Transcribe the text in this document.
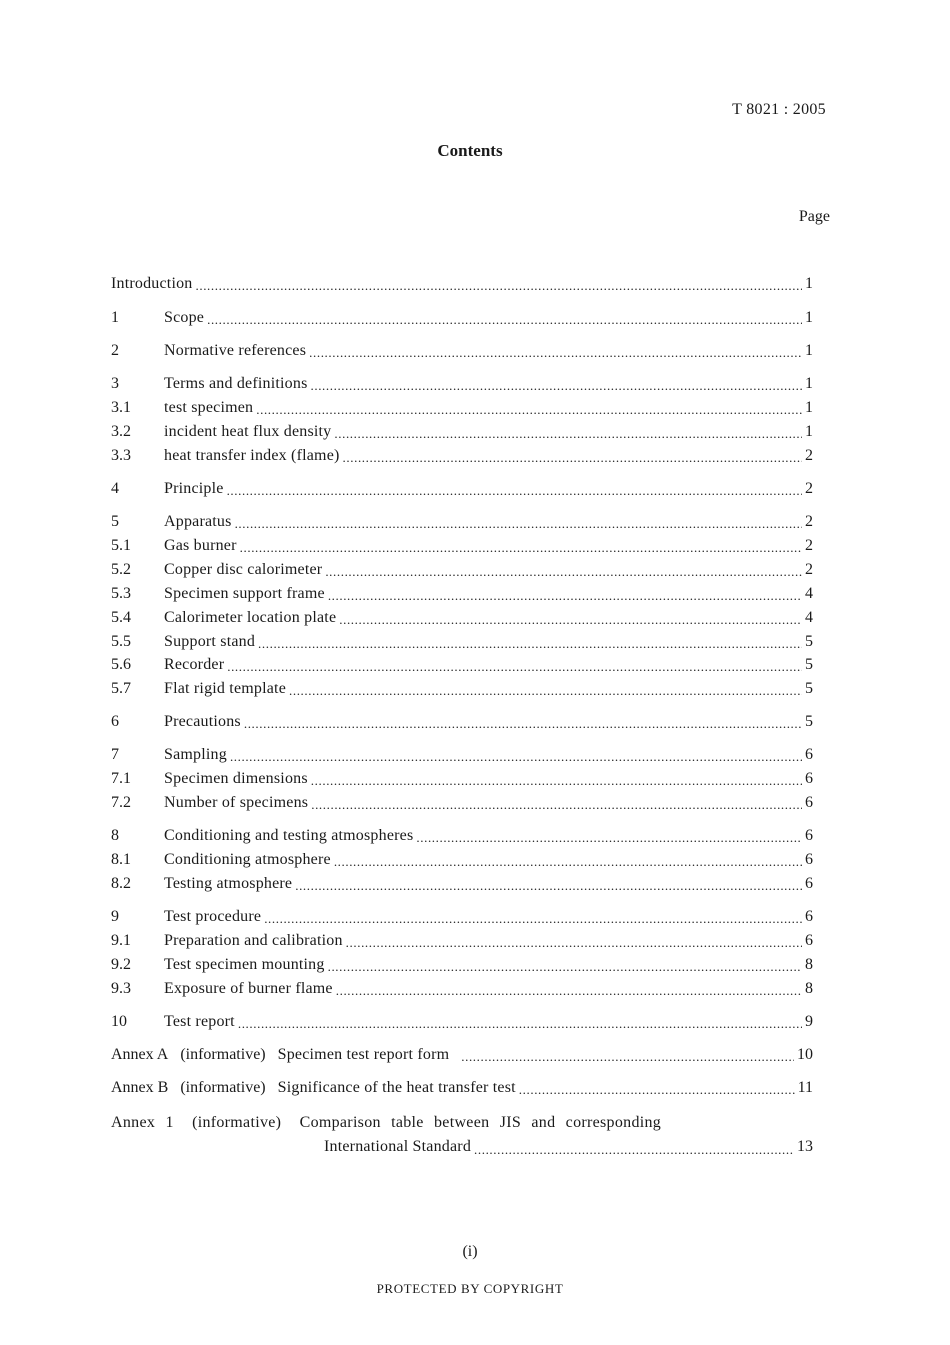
T 8021 : 2005
Contents
Page
Introduction .....	1
1	Scope .....	1
2	Normative references .....	1
3	Terms and definitions .....	1
3.1	test specimen .....	1
3.2	incident heat flux density .....	1
3.3	heat transfer index (flame) .....	2
4	Principle .....	2
5	Apparatus .....	2
5.1	Gas burner .....	2
5.2	Copper disc calorimeter .....	2
5.3	Specimen support frame .....	4
5.4	Calorimeter location plate .....	4
5.5	Support stand .....	5
5.6	Recorder .....	5
5.7	Flat rigid template .....	5
6	Precautions .....	5
7	Sampling .....	6
7.1	Specimen dimensions .....	6
7.2	Number of specimens .....	6
8	Conditioning and testing atmospheres .....	6
8.1	Conditioning atmosphere .....	6
8.2	Testing atmosphere .....	6
9	Test procedure .....	6
9.1	Preparation and calibration .....	6
9.2	Test specimen mounting .....	8
9.3	Exposure of burner flame .....	8
10	Test report .....	9
Annex A (informative) Specimen test report form .....	10
Annex B (informative) Significance of the heat transfer test .....	11
Annex 1 (informative) Comparison table between JIS and corresponding
International Standard .....	13
(i)
PROTECTED BY COPYRIGHT
